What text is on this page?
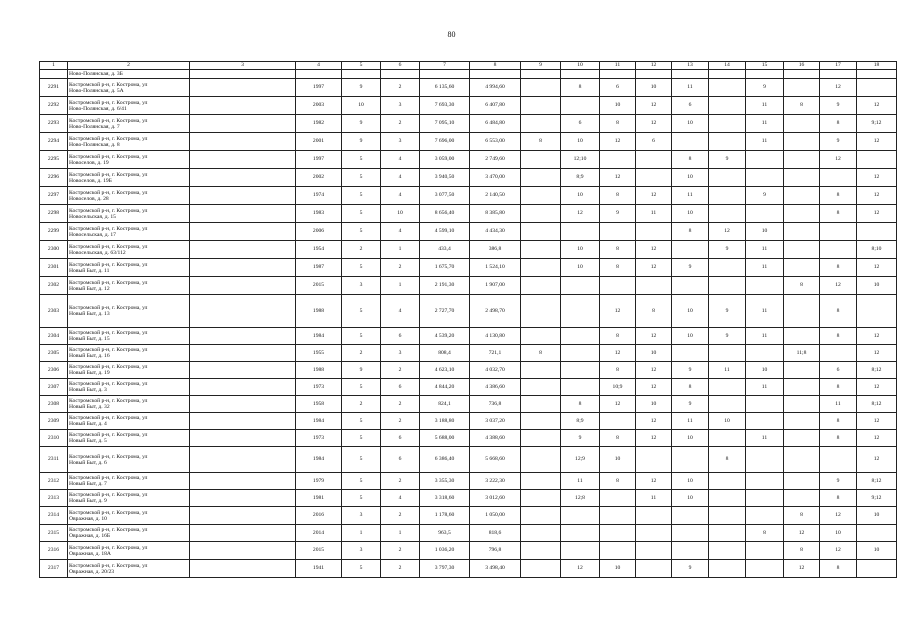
80
1	2	3	4	5	6	7	8	9	10	11	12	13	14	15	16	17	18
	Ново-Полянская, д. 3Б																
2291	Костромской р-н, г. Кострома, ул
Ново-Полянская, д. 5А		1997	9	2	6 135,60	4 994,60		8	6	10	11		9		12	
2292	Костромской р-н, г. Кострома, ул
Ново-Полянская, д. 6/41		2003	10	3	7 693,30	6 407,80			10	12	6		11	8	9	12
2293	Костромской р-н, г. Кострома, ул
Ново-Полянская, д. 7		1982	9	2	7 095,10	6 484,80		6	8	12	10		11		8	9;12
2294	Костромской р-н, г. Кострома, ул
Ново-Полянская, д. 8		2001	9	3	7 696,00	6 553,00	8	10	12	6			11		9	12
2295	Костромской р-н, г. Кострома, ул
Новоселов, д. 19		1997	5	4	3 059,00	2 749,60		12;10			8	9			12	
2296	Костромской р-н, г. Кострома, ул
Новоселов, д. 19Б		2002	5	4	3 940,50	3 470,00		8;9	12		10					12
2297	Костромской р-н, г. Кострома, ул
Новоселов, д. 28		1974	5	4	3 077,50	2 140,50		10	8	12	11		9		8	12
2298	Костромской р-н, г. Кострома, ул
Новосельская, д. 15		1983	5	10	8 656,40	8 385,80		12	9	11	10				8	12
2299	Костромской р-н, г. Кострома, ул
Новосельская, д. 17		2006	5	4	4 599,10	4 434,30					8	12	10			
2300	Костромской р-н, г. Кострома, ул
Новосельская, д. 63/112		1954	2	1	433,4	386,8		10	8	12		9	11			8;10
2301	Костромской р-н, г. Кострома, ул
Новый Быт, д. 11		1987	5	2	1 675,70	1 524,10		10	8	12	9		11		8	12
2302	Костромской р-н, г. Кострома, ул
Новый Быт, д. 12		2015	3	1	2 191,30	1 907,00								8	12	10
2303	Костромской р-н, г. Кострома, ул
Новый Быт, д. 13		1988	5	4	2 727,70	2 498,70			12	8	10	9	11		8	
2304	Костромской р-н, г. Кострома, ул
Новый Быт, д. 15		1984	5	6	4 539,20	4 130,80			8	12	10	9	11		8	12
2305	Костромской р-н, г. Кострома, ул
Новый Быт, д. 16		1955	2	3	808,4	721,1	8		12	10				11;8		12
2306	Костромской р-н, г. Кострома, ул
Новый Быт, д. 19		1988	9	2	4 623,10	4 032,70			8	12	9	11	10		6	8;12
2307	Костромской р-н, г. Кострома, ул
Новый Быт, д. 3		1973	5	6	4 844,20	4 386,60			10;9	12	8		11		8	12
2308	Костромской р-н, г. Кострома, ул
Новый Быт, д. 32		1958	2	2	824,1	736,8		8	12	10	9				11	8;12
2309	Костромской р-н, г. Кострома, ул
Новый Быт, д. 4		1984	5	2	3 188,80	3 037,20		8;9		12	11	10			8	12
2310	Костромской р-н, г. Кострома, ул
Новый Быт, д. 5		1973	5	6	5 688,00	4 388,60		9	8	12	10		11		8	12
2311	Костромской р-н, г. Кострома, ул
Новый Быт, д. 6		1984	5	6	6 386,40	5 668,60		12;9	10			8				12
2312	Костромской р-н, г. Кострома, ул
Новый Быт, д. 7		1979	5	2	3 355,30	3 222,30		11	8	12	10				9	8;12
2313	Костромской р-н, г. Кострома, ул
Новый Быт, д. 9		1981	5	4	3 318,60	3 012,60		12;8		11	10				8	9;12
2314	Костромской р-н, г. Кострома, ул
Овражная, д. 10		2016	3	2	1 178,60	1 050,00								8	12	10
2315	Костромской р-н, г. Кострома, ул
Овражная, д. 16Б		2014	1	1	963,5	818,6							8	12	10	
2316	Костромской р-н, г. Кострома, ул
Овражная, д. 18А		2015	3	2	1 036,20	796,8								8	12	10
2317	Костромской р-н, г. Кострома, ул
Овражная, д. 20/23		1941	5	2	3 797,30	3 498,40		12	10		9			12	8	
